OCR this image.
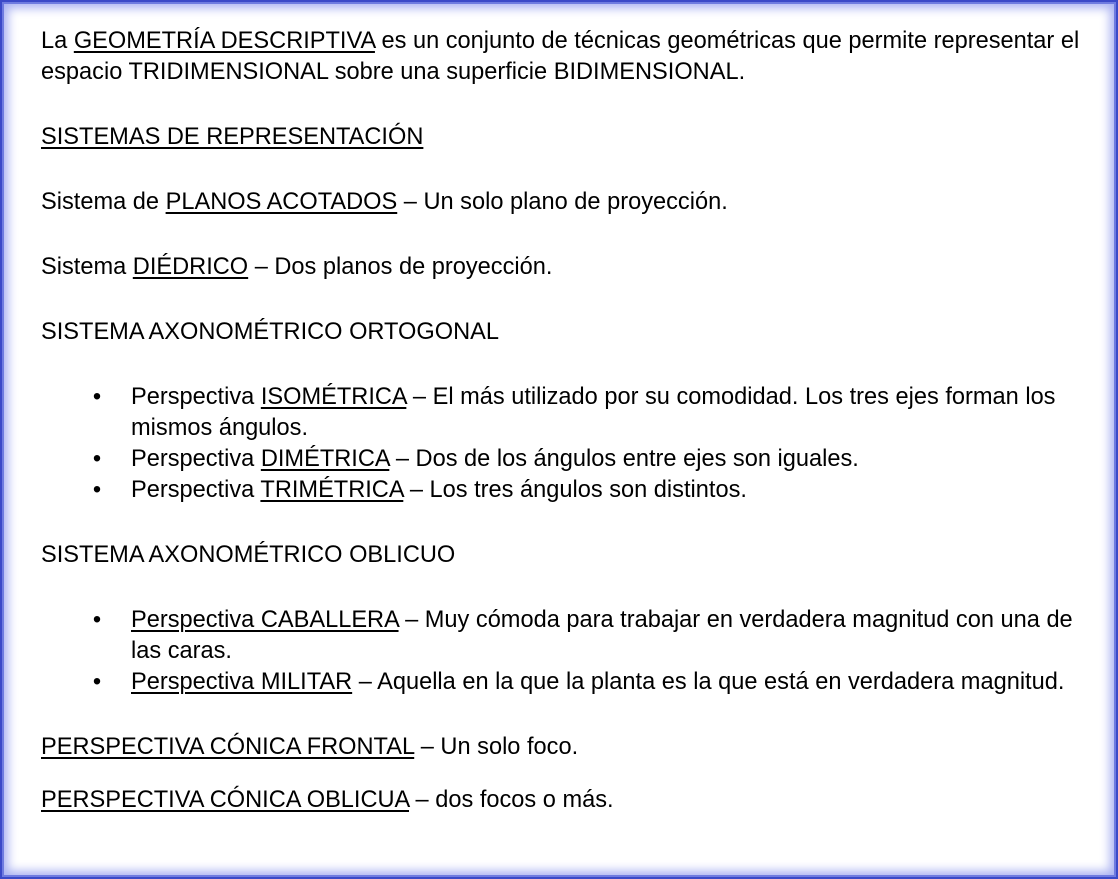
La GEOMETRÍA DESCRIPTIVA es un conjunto de técnicas geométricas que permite representar el espacio TRIDIMENSIONAL sobre una superficie BIDIMENSIONAL.

SISTEMAS DE REPRESENTACIÓN

Sistema de PLANOS ACOTADOS – Un solo plano de proyección.

Sistema DIÉDRICO – Dos planos de proyección.

SISTEMA AXONOMÉTRICO ORTOGONAL

• Perspectiva ISOMÉTRICA – El más utilizado por su comodidad. Los tres ejes forman los mismos ángulos.
• Perspectiva DIMÉTRICA – Dos de los ángulos entre ejes son iguales.
• Perspectiva TRIMÉTRICA – Los tres ángulos son distintos.

SISTEMA AXONOMÉTRICO OBLICUO

• Perspectiva CABALLERA – Muy cómoda para trabajar en verdadera magnitud con una de las caras.
• Perspectiva MILITAR – Aquella en la que la planta es la que está en verdadera magnitud.

PERSPECTIVA CÓNICA FRONTAL – Un solo foco.

PERSPECTIVA CÓNICA OBLICUA – dos focos o más.
